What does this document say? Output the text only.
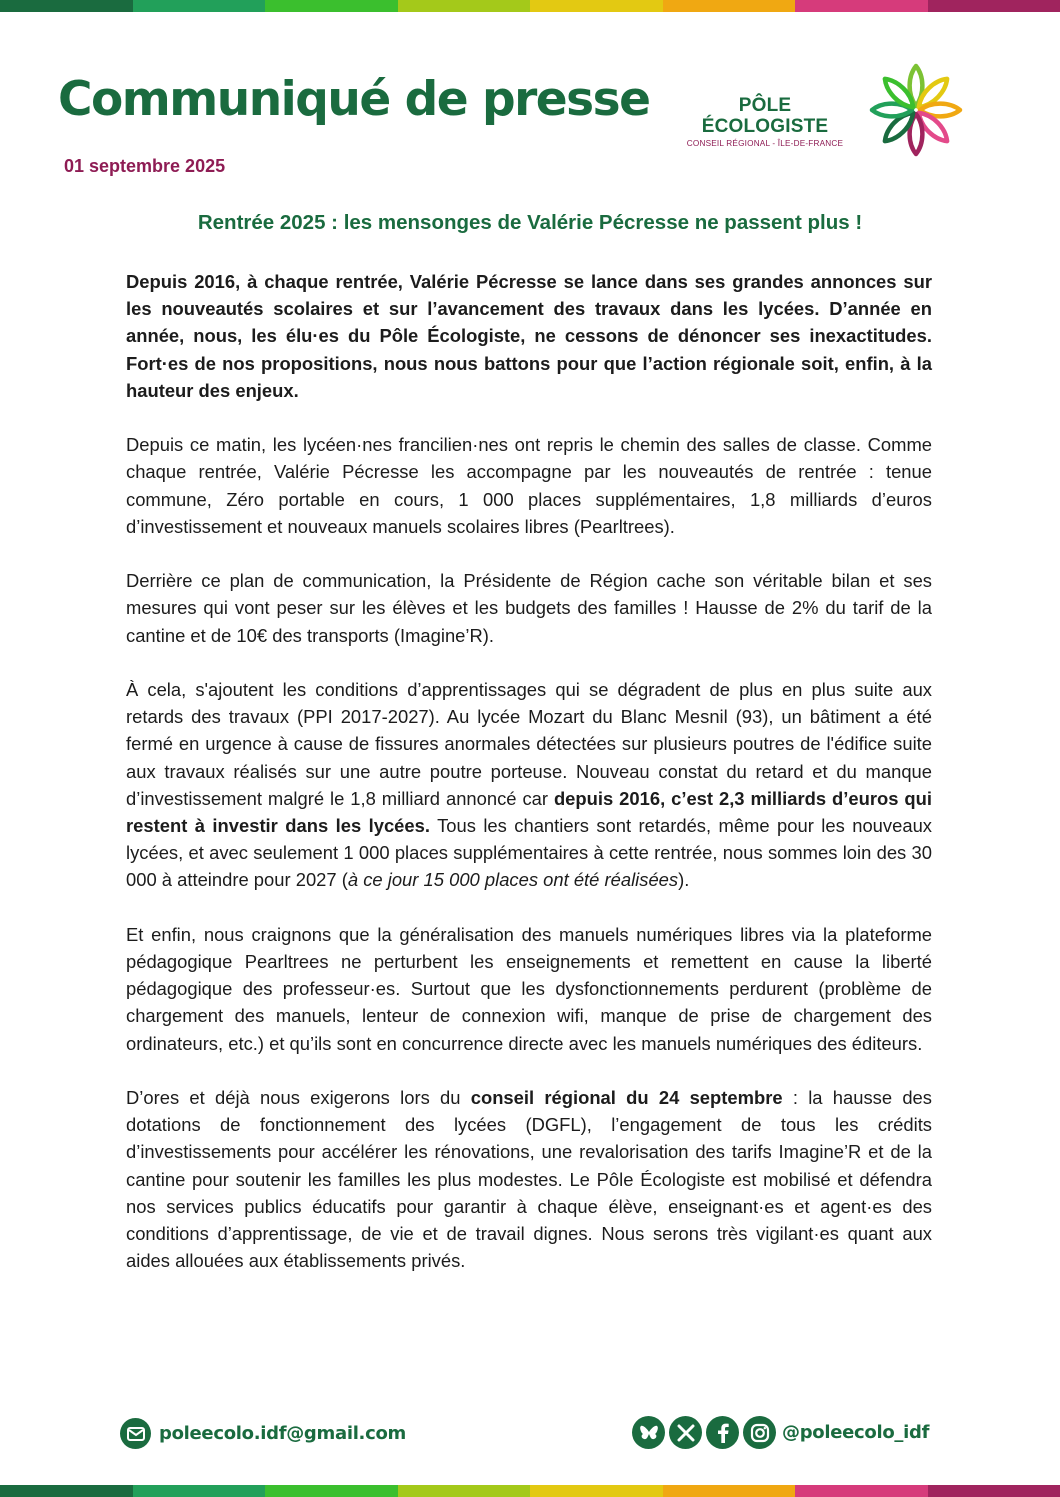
Communiqué de presse
01 septembre 2025
PÔLE ÉCOLOGISTE
CONSEIL RÉGIONAL - ÎLE-DE-FRANCE
Rentrée 2025 : les mensonges de Valérie Pécresse ne passent plus !

Depuis 2016, à chaque rentrée, Valérie Pécresse se lance dans ses grandes annonces sur les nouveautés scolaires et sur l’avancement des travaux dans les lycées. D’année en année, nous, les élu·es du Pôle Écologiste, ne cessons de dénoncer ses inexactitudes. Fort·es de nos propositions, nous nous battons pour que l’action régionale soit, enfin, à la hauteur des enjeux.

Depuis ce matin, les lycéen·nes francilien·nes ont repris le chemin des salles de classe. Comme chaque rentrée, Valérie Pécresse les accompagne par les nouveautés de rentrée : tenue commune, Zéro portable en cours, 1 000 places supplémentaires, 1,8 milliards d’euros d’investissement et nouveaux manuels scolaires libres (Pearltrees).

Derrière ce plan de communication, la Présidente de Région cache son véritable bilan et ses mesures qui vont peser sur les élèves et les budgets des familles ! Hausse de 2% du tarif de la cantine et de 10€ des transports (Imagine’R).

À cela, s'ajoutent les conditions d’apprentissages qui se dégradent de plus en plus suite aux retards des travaux (PPI 2017-2027). Au lycée Mozart du Blanc Mesnil (93), un bâtiment a été fermé en urgence à cause de fissures anormales détectées sur plusieurs poutres de l'édifice suite aux travaux réalisés sur une autre poutre porteuse. Nouveau constat du retard et du manque d’investissement malgré le 1,8 milliard annoncé car depuis 2016, c’est 2,3 milliards d’euros qui restent à investir dans les lycées. Tous les chantiers sont retardés, même pour les nouveaux lycées, et avec seulement 1 000 places supplémentaires à cette rentrée, nous sommes loin des 30 000 à atteindre pour 2027 (à ce jour 15 000 places ont été réalisées).

Et enfin, nous craignons que la généralisation des manuels numériques libres via la plateforme pédagogique Pearltrees ne perturbent les enseignements et remettent en cause la liberté pédagogique des professeur·es. Surtout que les dysfonctionnements perdurent (problème de chargement des manuels, lenteur de connexion wifi, manque de prise de chargement des ordinateurs, etc.) et qu’ils sont en concurrence directe avec les manuels numériques des éditeurs.

D’ores et déjà nous exigerons lors du conseil régional du 24 septembre : la hausse des dotations de fonctionnement des lycées (DGFL), l’engagement de tous les crédits d’investissements pour accélérer les rénovations, une revalorisation des tarifs Imagine’R et de la cantine pour soutenir les familles les plus modestes. Le Pôle Écologiste est mobilisé et défendra nos services publics éducatifs pour garantir à chaque élève, enseignant·es et agent·es des conditions d’apprentissage, de vie et de travail dignes. Nous serons très vigilant·es quant aux aides allouées aux établissements privés.

poleecolo.idf@gmail.com	@poleecolo_idf
